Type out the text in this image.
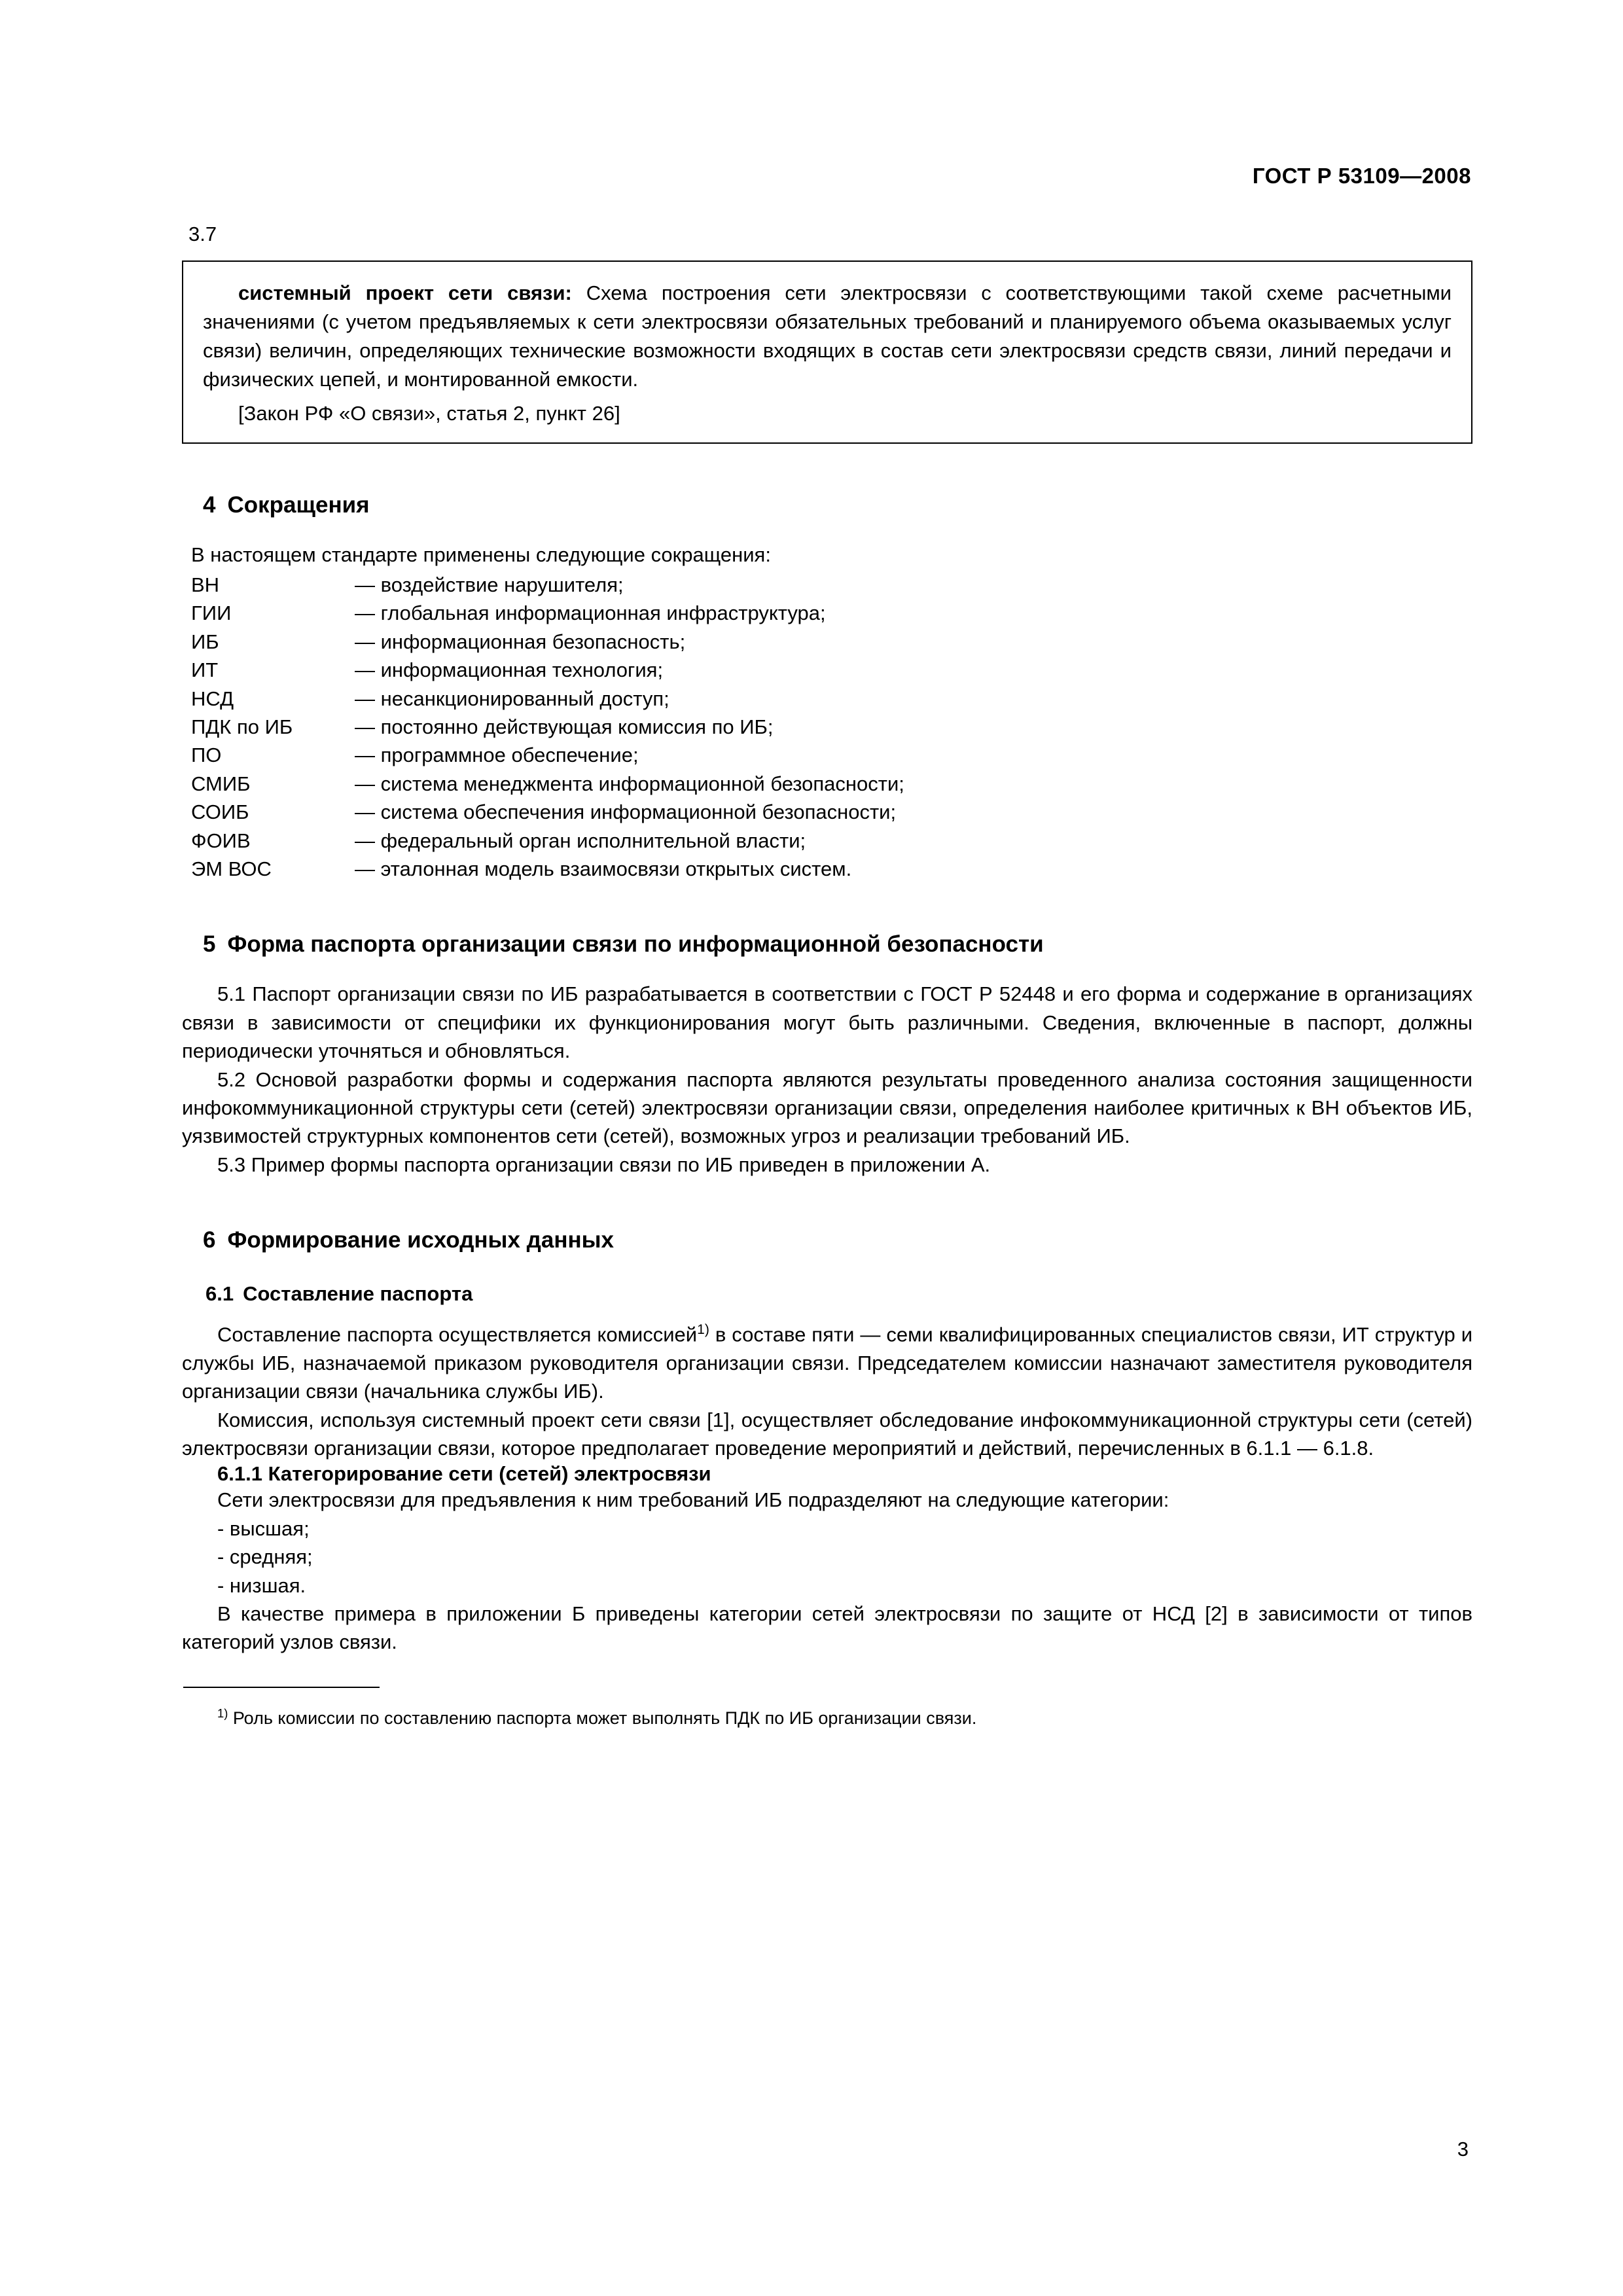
ГОСТ Р 53109—2008
3.7

системный проект сети связи: Схема построения сети электросвязи с соответствующими такой схеме расчетными значениями (с учетом предъявляемых к сети электросвязи обязательных требований и планируемого объема оказываемых услуг связи) величин, определяющих технические возможности входящих в состав сети электросвязи средств связи, линий передачи и физических цепей, и монтированной емкости.

[Закон РФ «О связи», статья 2, пункт 26]

4 Сокращения

В настоящем стандарте применены следующие сокращения:

ВН	— воздействие нарушителя;
ГИИ	— глобальная информационная инфраструктура;
ИБ	— информационная безопасность;
ИТ	— информационная технология;
НСД	— несанкционированный доступ;
ПДК по ИБ	— постоянно действующая комиссия по ИБ;
ПО	— программное обеспечение;
СМИБ	— система менеджмента информационной безопасности;
СОИБ	— система обеспечения информационной безопасности;
ФОИВ	— федеральный орган исполнительной власти;
ЭМ ВОС	— эталонная модель взаимосвязи открытых систем.
5 Форма паспорта организации связи по информационной безопасности

5.1 Паспорт организации связи по ИБ разрабатывается в соответствии с ГОСТ Р 52448 и его форма и содержание в организациях связи в зависимости от специфики их функционирования могут быть различными. Сведения, включенные в паспорт, должны периодически уточняться и обновляться.

5.2 Основой разработки формы и содержания паспорта являются результаты проведенного анализа состояния защищенности инфокоммуникационной структуры сети (сетей) электросвязи организации связи, определения наиболее критичных к ВН объектов ИБ, уязвимостей структурных компонентов сети (сетей), возможных угроз и реализации требований ИБ.

5.3 Пример формы паспорта организации связи по ИБ приведен в приложении А.

6 Формирование исходных данных
6.1 Составление паспорта

Составление паспорта осуществляется комиссией$^{1)}$ в составе пяти — семи квалифицированных специалистов связи, ИТ структур и службы ИБ, назначаемой приказом руководителя организации связи. Председателем комиссии назначают заместителя руководителя организации связи (начальника службы ИБ).

Комиссия, используя системный проект сети связи [1], осуществляет обследование инфокоммуникационной структуры сети (сетей) электросвязи организации связи, которое предполагает проведение мероприятий и действий, перечисленных в 6.1.1 — 6.1.8.

6.1.1 Категорирование сети (сетей) электросвязи

Сети электросвязи для предъявления к ним требований ИБ подразделяют на следующие категории:

- высшая;

- средняя;

- низшая.

В качестве примера в приложении Б приведены категории сетей электросвязи по защите от НСД [2] в зависимости от типов категорий узлов связи.

$^{1)}$ Роль комиссии по составлению паспорта может выполнять ПДК по ИБ организации связи.

3
